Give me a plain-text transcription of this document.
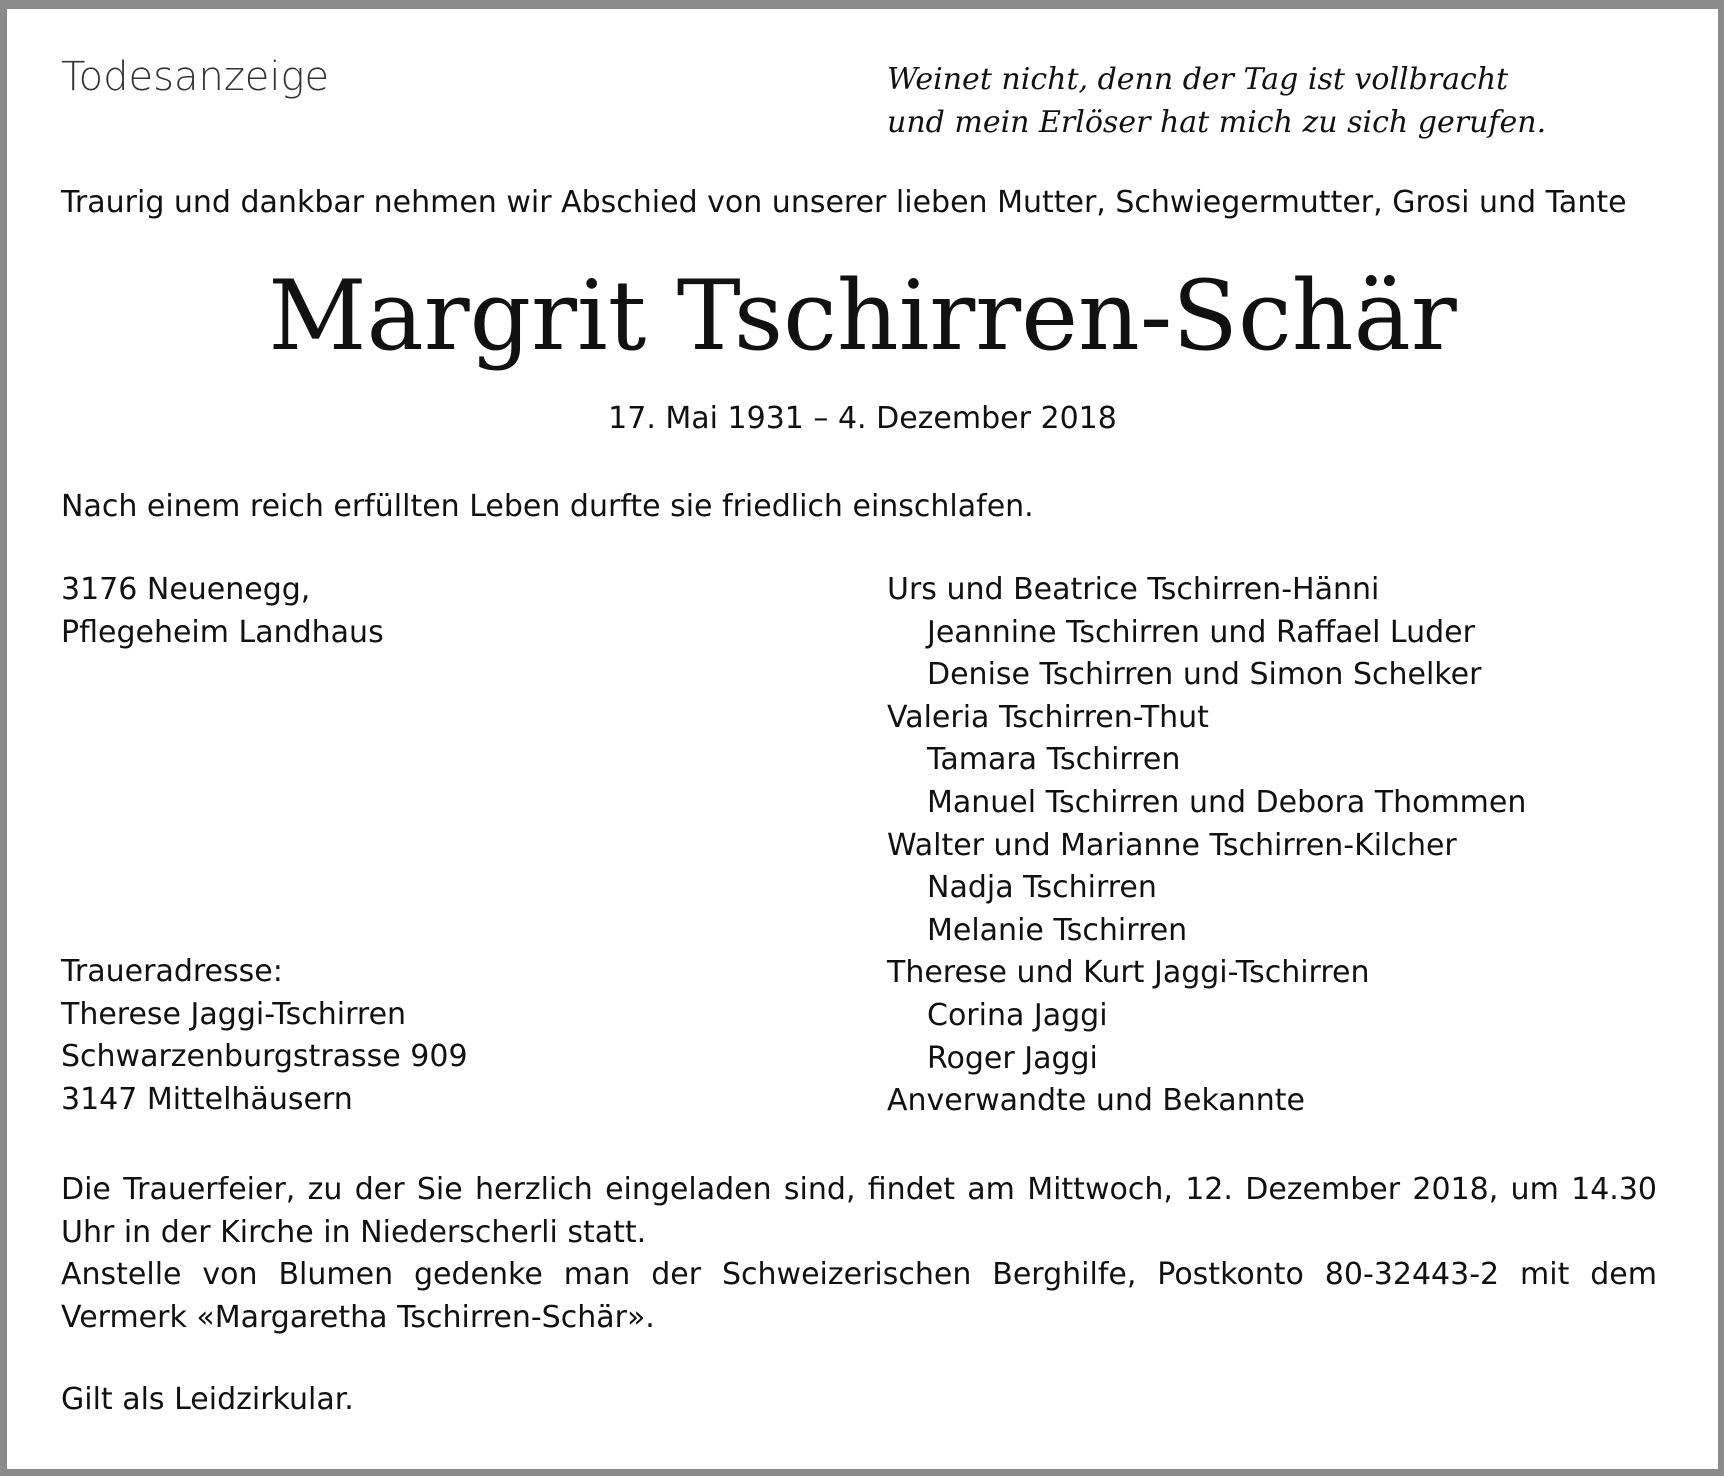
Todesanzeige	Weinet nicht, denn der Tag ist vollbracht
und mein Erlöser hat mich zu sich gerufen.
Traurig und dankbar nehmen wir Abschied von unserer lieben Mutter, Schwiegermutter, Grosi und Tante
Margrit Tschirren-Schär
17. Mai 1931 – 4. Dezember 2018
Nach einem reich erfüllten Leben durfte sie friedlich einschlafen.
3176 Neuenegg,
Pflegeheim Landhaus
Traueradresse:
Therese Jaggi-Tschirren
Schwarzenburgstrasse 909
3147 Mittelhäusern
Urs und Beatrice Tschirren-Hänni
Jeannine Tschirren und Raffael Luder
Denise Tschirren und Simon Schelker
Valeria Tschirren-Thut
Tamara Tschirren
Manuel Tschirren und Debora Thommen
Walter und Marianne Tschirren-Kilcher
Nadja Tschirren
Melanie Tschirren
Therese und Kurt Jaggi-Tschirren
Corina Jaggi
Roger Jaggi
Anverwandte und Bekannte

Die Trauerfeier, zu der Sie herzlich eingeladen sind, findet am Mittwoch, 12. Dezember 2018, um 14.30 Uhr in der Kirche in Niederscherli statt.

Anstelle von Blumen gedenke man der Schweizerischen Berghilfe, Postkonto 80-32443-2 mit dem Vermerk «Margaretha Tschirren-Schär».

Gilt als Leidzirkular.
